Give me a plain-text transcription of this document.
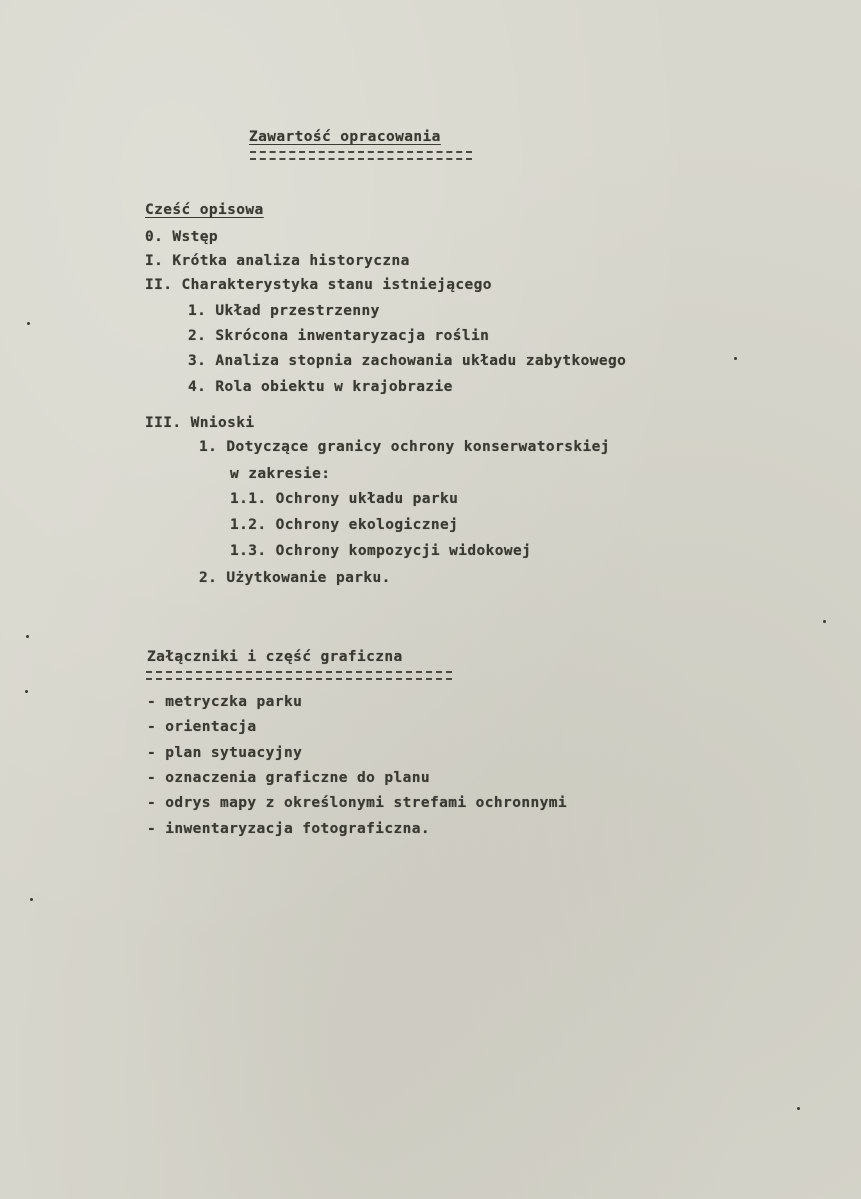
Zawartość opracowania
Cześć opisowa
0. Wstęp
I. Krótka analiza historyczna
II. Charakterystyka stanu istniejącego
1. Układ przestrzenny
2. Skrócona inwentaryzacja roślin
3. Analiza stopnia zachowania układu zabytkowego
4. Rola obiektu w krajobrazie
III. Wnioski
1. Dotyczące granicy ochrony konserwatorskiej
w zakresie:
1.1. Ochrony układu parku
1.2. Ochrony ekologicznej
1.3. Ochrony kompozycji widokowej
2. Użytkowanie parku.
Załączniki i część graficzna
- metryczka parku
- orientacja
- plan sytuacyjny
- oznaczenia graficzne do planu
- odrys mapy z określonymi strefami ochronnymi
- inwentaryzacja fotograficzna.
